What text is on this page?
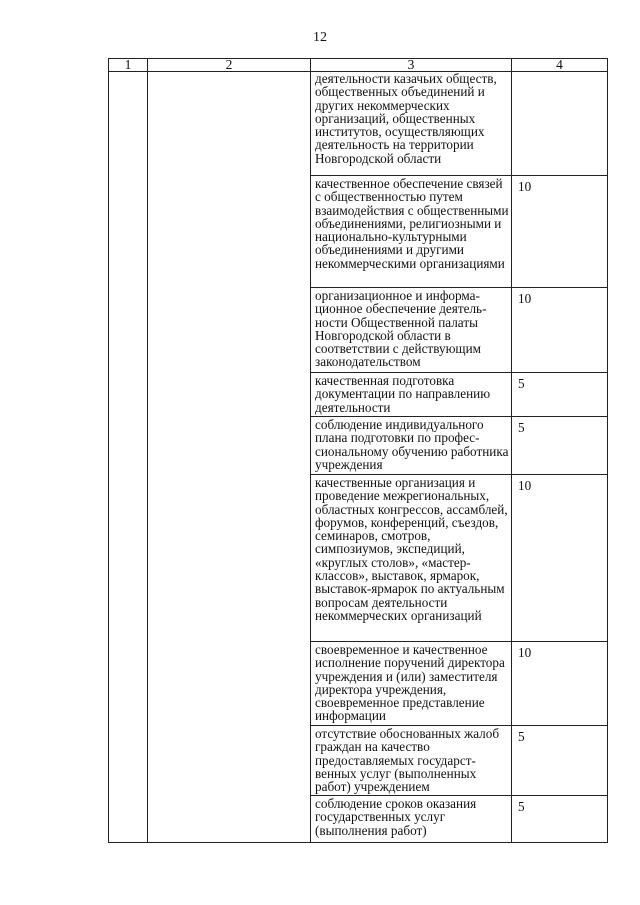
12
1	2	3	4
		деятельности казачьих обществ, общественных объединений и других некоммерческих организаций, общественных институтов, осуществляющих деятельность на территории Новгородской области	
		качественное обеспечение связей с общественностью путем взаимодействия с общественными объединениями, религиозными и национально-культурными объединениями и другими некоммерческими организациями	10
		организационное и информационное обеспечение деятельности Общественной палаты Новгородской области в соответствии с действующим законодательством	10
		качественная подготовка документации по направлению деятельности	5
		соблюдение индивидуального плана подготовки по профессиональному обучению работника учреждения	5
		качественные организация и проведение межрегиональных, областных конгрессов, ассамблей, форумов, конференций, съездов, семинаров, смотров, симпозиумов, экспедиций, «круглых столов», «мастер-классов», выставок, ярмарок, выставок-ярмарок по актуальным вопросам деятельности некоммерческих организаций	10
		своевременное и качественное исполнение поручений директора учреждения и (или) заместителя директора учреждения, своевременное представление информации	10
		отсутствие обоснованных жалоб граждан на качество предоставляемых государственных услуг (выполненных работ) учреждением	5
		соблюдение сроков оказания государственных услуг (выполнения работ)	5
